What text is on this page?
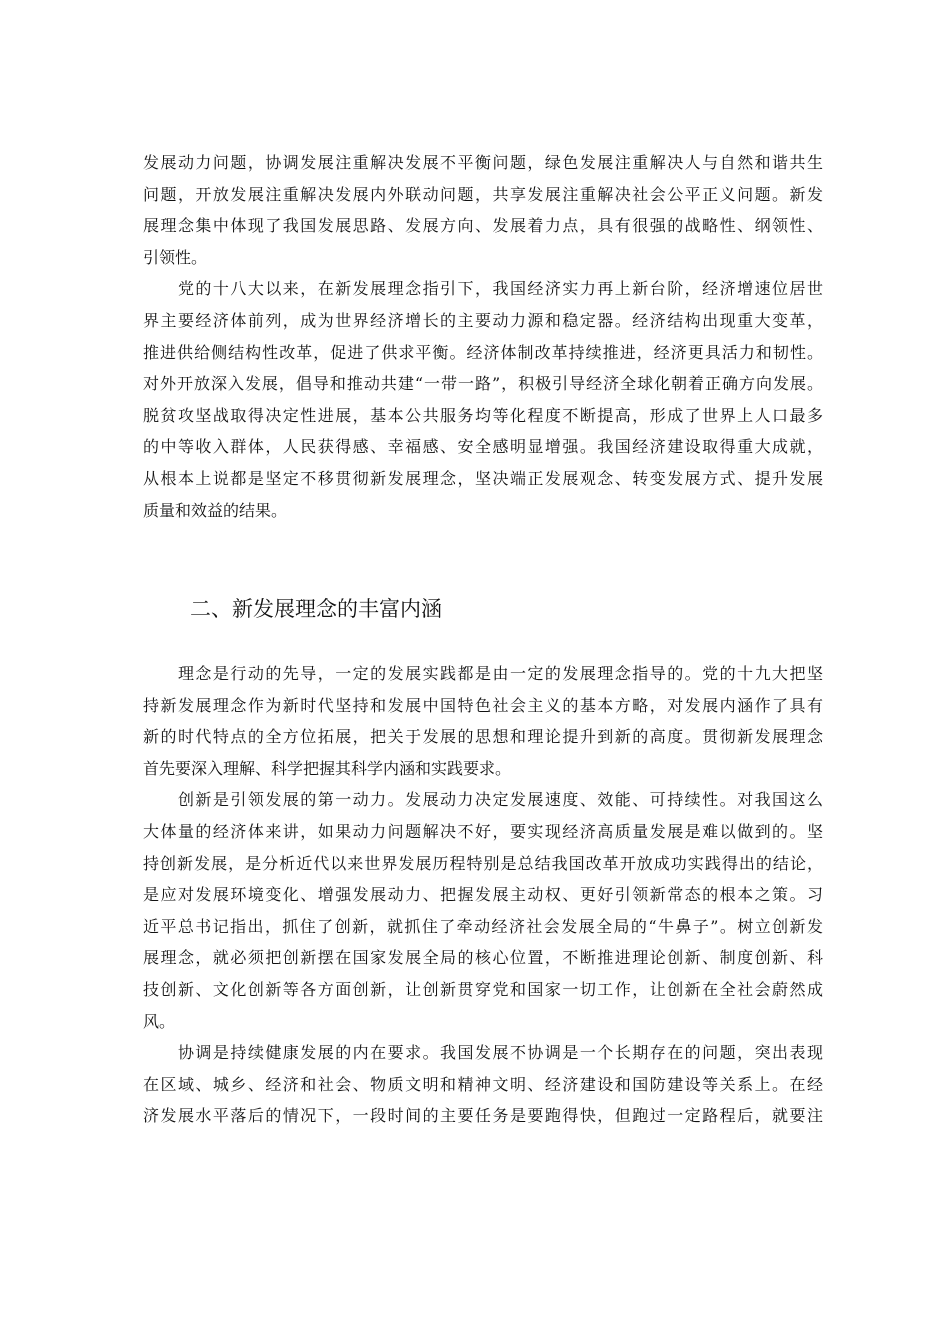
发展动力问题，协调发展注重解决发展不平衡问题，绿色发展注重解决人与自然和谐共生
问题，开放发展注重解决发展内外联动问题，共享发展注重解决社会公平正义问题。新发
展理念集中体现了我国发展思路、发展方向、发展着力点，具有很强的战略性、纲领性、
引领性。
　　党的十八大以来，在新发展理念指引下，我国经济实力再上新台阶，经济增速位居世
界主要经济体前列，成为世界经济增长的主要动力源和稳定器。经济结构出现重大变革，
推进供给侧结构性改革，促进了供求平衡。经济体制改革持续推进，经济更具活力和韧性。
对外开放深入发展，倡导和推动共建“一带一路”，积极引导经济全球化朝着正确方向发展。
脱贫攻坚战取得决定性进展，基本公共服务均等化程度不断提高，形成了世界上人口最多
的中等收入群体，人民获得感、幸福感、安全感明显增强。我国经济建设取得重大成就，
从根本上说都是坚定不移贯彻新发展理念，坚决端正发展观念、转变发展方式、提升发展
质量和效益的结果。
二、新发展理念的丰富内涵
　　理念是行动的先导，一定的发展实践都是由一定的发展理念指导的。党的十九大把坚
持新发展理念作为新时代坚持和发展中国特色社会主义的基本方略，对发展内涵作了具有
新的时代特点的全方位拓展，把关于发展的思想和理论提升到新的高度。贯彻新发展理念
首先要深入理解、科学把握其科学内涵和实践要求。
　　创新是引领发展的第一动力。发展动力决定发展速度、效能、可持续性。对我国这么
大体量的经济体来讲，如果动力问题解决不好，要实现经济高质量发展是难以做到的。坚
持创新发展，是分析近代以来世界发展历程特别是总结我国改革开放成功实践得出的结论，
是应对发展环境变化、增强发展动力、把握发展主动权、更好引领新常态的根本之策。习
近平总书记指出，抓住了创新，就抓住了牵动经济社会发展全局的“牛鼻子”。树立创新发
展理念，就必须把创新摆在国家发展全局的核心位置，不断推进理论创新、制度创新、科
技创新、文化创新等各方面创新，让创新贯穿党和国家一切工作，让创新在全社会蔚然成
风。
　　协调是持续健康发展的内在要求。我国发展不协调是一个长期存在的问题，突出表现
在区域、城乡、经济和社会、物质文明和精神文明、经济建设和国防建设等关系上。在经
济发展水平落后的情况下，一段时间的主要任务是要跑得快，但跑过一定路程后，就要注
